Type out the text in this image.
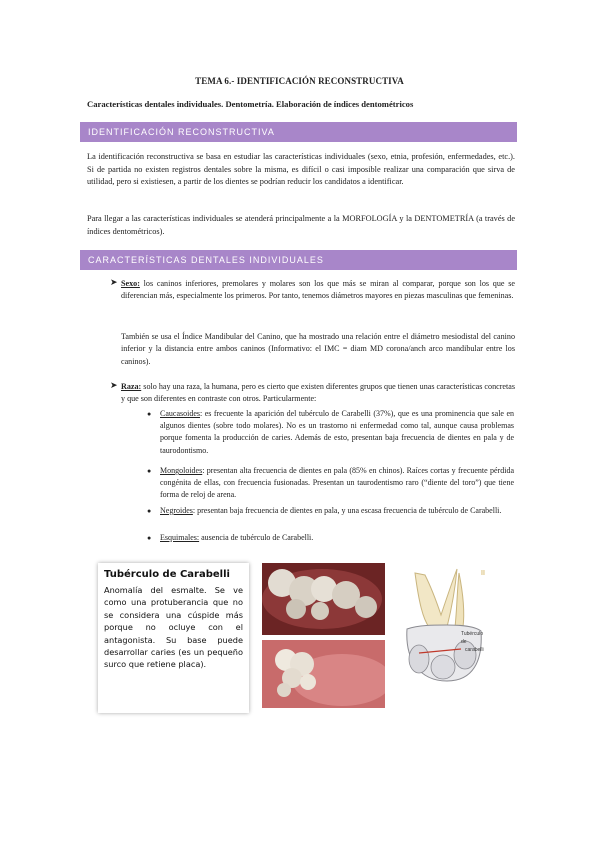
TEMA 6.- IDENTIFICACIÓN RECONSTRUCTIVA
Características dentales individuales. Dentometría. Elaboración de índices dentométricos
IDENTIFICACIÓN RECONSTRUCTIVA
La identificación reconstructiva se basa en estudiar las características individuales (sexo, etnia, profesión, enfermedades, etc.). Si de partida no existen registros dentales sobre la misma, es difícil o casi imposible realizar una comparación que sirva de utilidad, pero si existiesen, a partir de los dientes se podrían reducir los candidatos a identificar.
Para llegar a las características individuales se atenderá principalmente a la MORFOLOGÍA y la DENTOMETRÍA (a través de índices dentométricos).
CARACTERÍSTICAS DENTALES INDIVIDUALES
➤ Sexo: los caninos inferiores, premolares y molares son los que más se miran al comparar, porque son los que se diferencian más, especialmente los primeros. Por tanto, tenemos diámetros mayores en piezas masculinas que femeninas.
También se usa el Índice Mandibular del Canino, que ha mostrado una relación entre el diámetro mesiodistal del canino inferior y la distancia entre ambos caninos (Informativo: el IMC = diam MD corona/anch arco mandibular entre los caninos).
➤ Raza: solo hay una raza, la humana, pero es cierto que existen diferentes grupos que tienen unas características concretas y que son diferentes en contraste con otros. Particularmente:
● Caucasoides: es frecuente la aparición del tubérculo de Carabelli (37%), que es una prominencia que sale en algunos dientes (sobre todo molares). No es un trastorno ni enfermedad como tal, aunque causa problemas porque fomenta la producción de caries. Además de esto, presentan baja frecuencia de dientes en pala y de taurodontismo.
● Mongoloides: presentan alta frecuencia de dientes en pala (85% en chinos). Raíces cortas y frecuente pérdida congénita de ellas, con frecuencia fusionadas. Presentan un taurodentismo raro (“diente del toro”) que tiene forma de reloj de arena.
● Negroides: presentan baja frecuencia de dientes en pala, y una escasa frecuencia de tubérculo de Carabelli.
● Esquimales: ausencia de tubérculo de Carabelli.
Tubérculo de Carabelli
Anomalía del esmalte. Se ve como una protuberancia que no se considera una cúspide más porque no ocluye con el antagonista. Su base puede desarrollar caries (es un pequeño surco que retiene placa).
Tubérculo
de
carabelli
II
